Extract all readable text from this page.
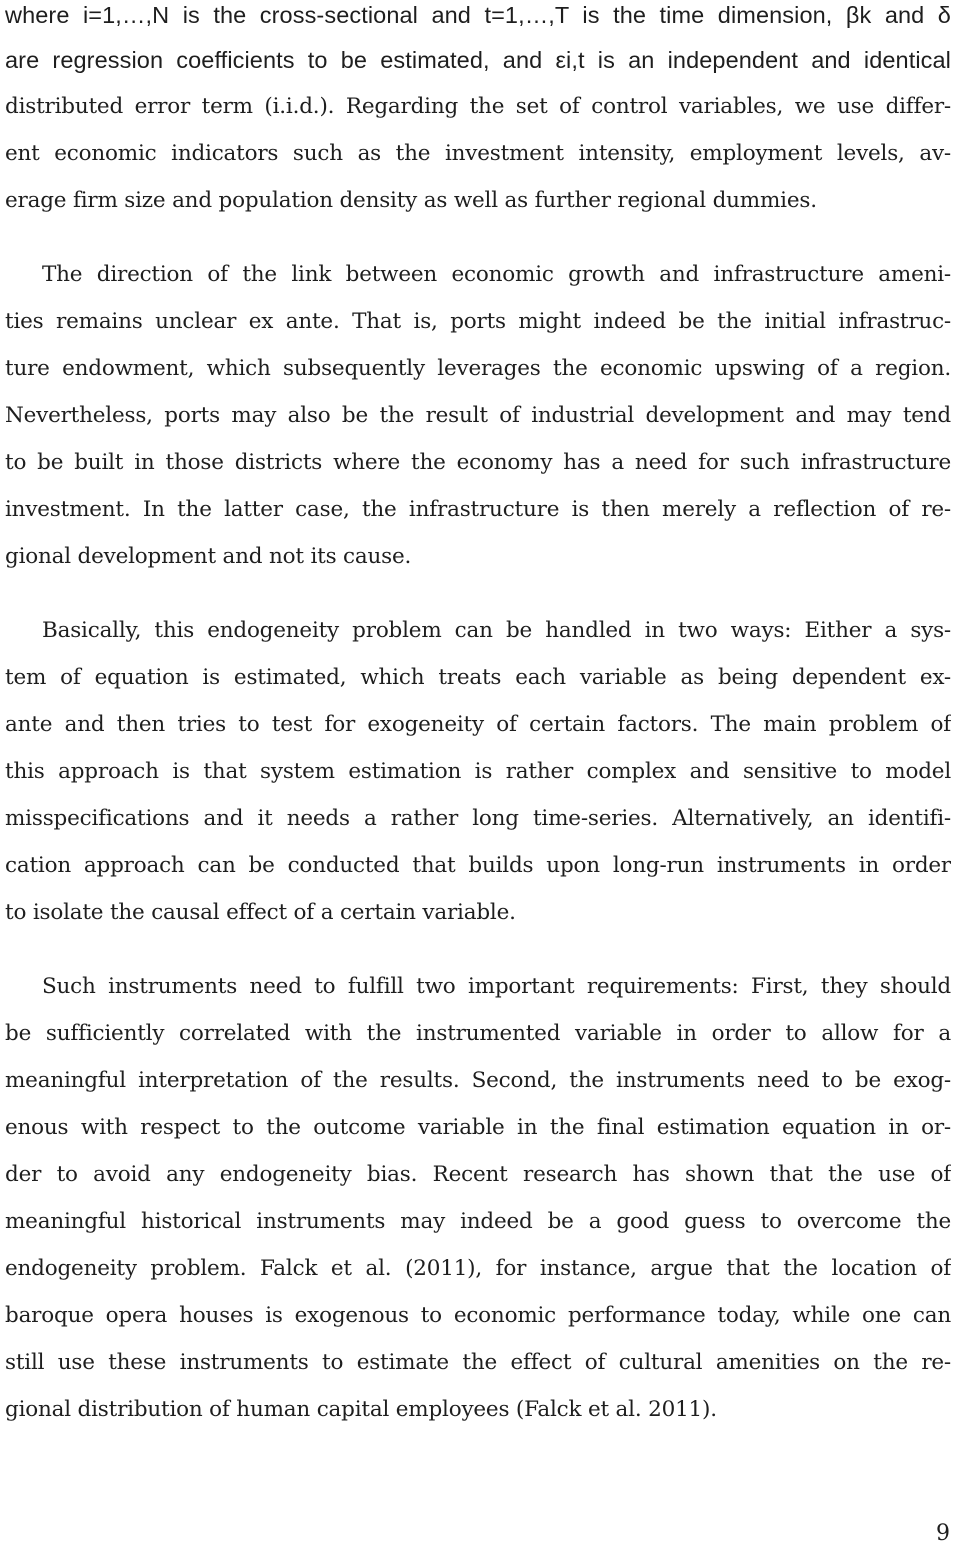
where i=1,…,N is the cross-sectional and t=1,…,T is the time dimension, βk and δ
are regression coefficients to be estimated, and εi,t is an independent and identical
distributed error term (i.i.d.). Regarding the set of control variables, we use differ-
ent economic indicators such as the investment intensity, employment levels, av-
erage firm size and population density as well as further regional dummies.
The direction of the link between economic growth and infrastructure ameni-
ties remains unclear ex ante. That is, ports might indeed be the initial infrastruc-
ture endowment, which subsequently leverages the economic upswing of a region.
Nevertheless, ports may also be the result of industrial development and may tend
to be built in those districts where the economy has a need for such infrastructure
investment. In the latter case, the infrastructure is then merely a reflection of re-
gional development and not its cause.
Basically, this endogeneity problem can be handled in two ways: Either a sys-
tem of equation is estimated, which treats each variable as being dependent ex-
ante and then tries to test for exogeneity of certain factors. The main problem of
this approach is that system estimation is rather complex and sensitive to model
misspecifications and it needs a rather long time-series. Alternatively, an identifi-
cation approach can be conducted that builds upon long-run instruments in order
to isolate the causal effect of a certain variable.
Such instruments need to fulfill two important requirements: First, they should
be sufficiently correlated with the instrumented variable in order to allow for a
meaningful interpretation of the results. Second, the instruments need to be exog-
enous with respect to the outcome variable in the final estimation equation in or-
der to avoid any endogeneity bias. Recent research has shown that the use of
meaningful historical instruments may indeed be a good guess to overcome the
endogeneity problem. Falck et al. (2011), for instance, argue that the location of
baroque opera houses is exogenous to economic performance today, while one can
still use these instruments to estimate the effect of cultural amenities on the re-
gional distribution of human capital employees (Falck et al. 2011).
9
